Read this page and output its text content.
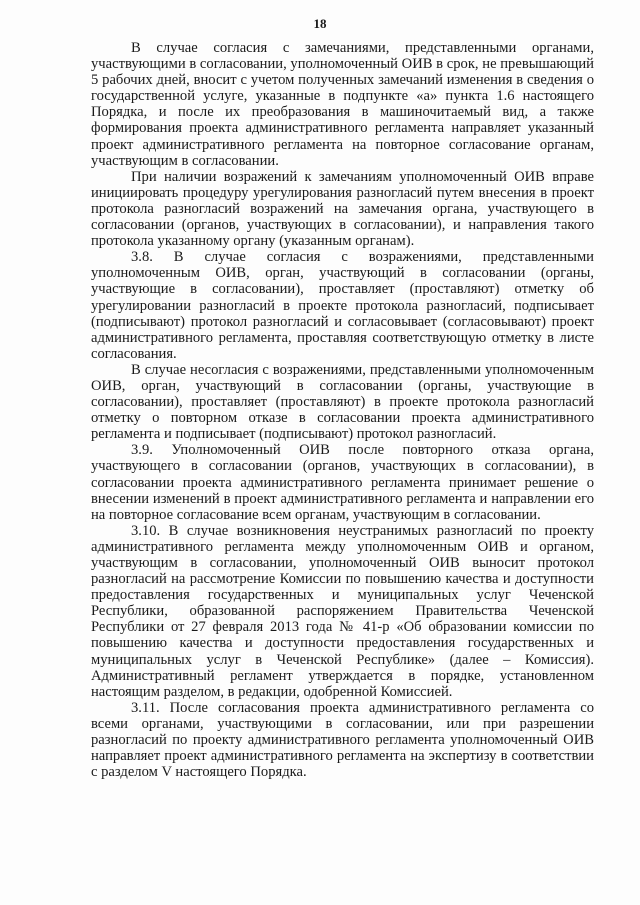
18

В случае согласия с замечаниями, представленными органами, участвующими в согласовании, уполномоченный ОИВ в срок, не превышающий 5 рабочих дней, вносит с учетом полученных замечаний изменения в сведения о государственной услуге, указанные в подпункте «а» пункта 1.6 настоящего Порядка, и после их преобразования в машиночитаемый вид, а также формирования проекта административного регламента направляет указанный проект административного регламента на повторное согласование органам, участвующим в согласовании.

При наличии возражений к замечаниям уполномоченный ОИВ вправе инициировать процедуру урегулирования разногласий путем внесения в проект протокола разногласий возражений на замечания органа, участвующего в согласовании (органов, участвующих в согласовании), и направления такого протокола указанному органу (указанным органам).

3.8. В случае согласия с возражениями, представленными уполномоченным ОИВ, орган, участвующий в согласовании (органы, участвующие в согласовании), проставляет (проставляют) отметку об урегулировании разногласий в проекте протокола разногласий, подписывает (подписывают) протокол разногласий и согласовывает (согласовывают) проект административного регламента, проставляя соответствующую отметку в листе согласования.

В случае несогласия с возражениями, представленными уполномоченным ОИВ, орган, участвующий в согласовании (органы, участвующие в согласовании), проставляет (проставляют) в проекте протокола разногласий отметку о повторном отказе в согласовании проекта административного регламента и подписывает (подписывают) протокол разногласий.

3.9. Уполномоченный ОИВ после повторного отказа органа, участвующего в согласовании (органов, участвующих в согласовании), в согласовании проекта административного регламента принимает решение о внесении изменений в проект административного регламента и направлении его на повторное согласование всем органам, участвующим в согласовании.

3.10. В случае возникновения неустранимых разногласий по проекту административного регламента между уполномоченным ОИВ и органом, участвующим в согласовании, уполномоченный ОИВ выносит протокол разногласий на рассмотрение Комиссии по повышению качества и доступности предоставления государственных и муниципальных услуг Чеченской Республики, образованной распоряжением Правительства Чеченской Республики от 27 февраля 2013 года № 41-р «Об образовании комиссии по повышению качества и доступности предоставления государственных и муниципальных услуг в Чеченской Республике» (далее – Комиссия). Административный регламент утверждается в порядке, установленном настоящим разделом, в редакции, одобренной Комиссией.

3.11. После согласования проекта административного регламента со всеми органами, участвующими в согласовании, или при разрешении разногласий по проекту административного регламента уполномоченный ОИВ направляет проект административного регламента на экспертизу в соответствии с разделом V настоящего Порядка.
